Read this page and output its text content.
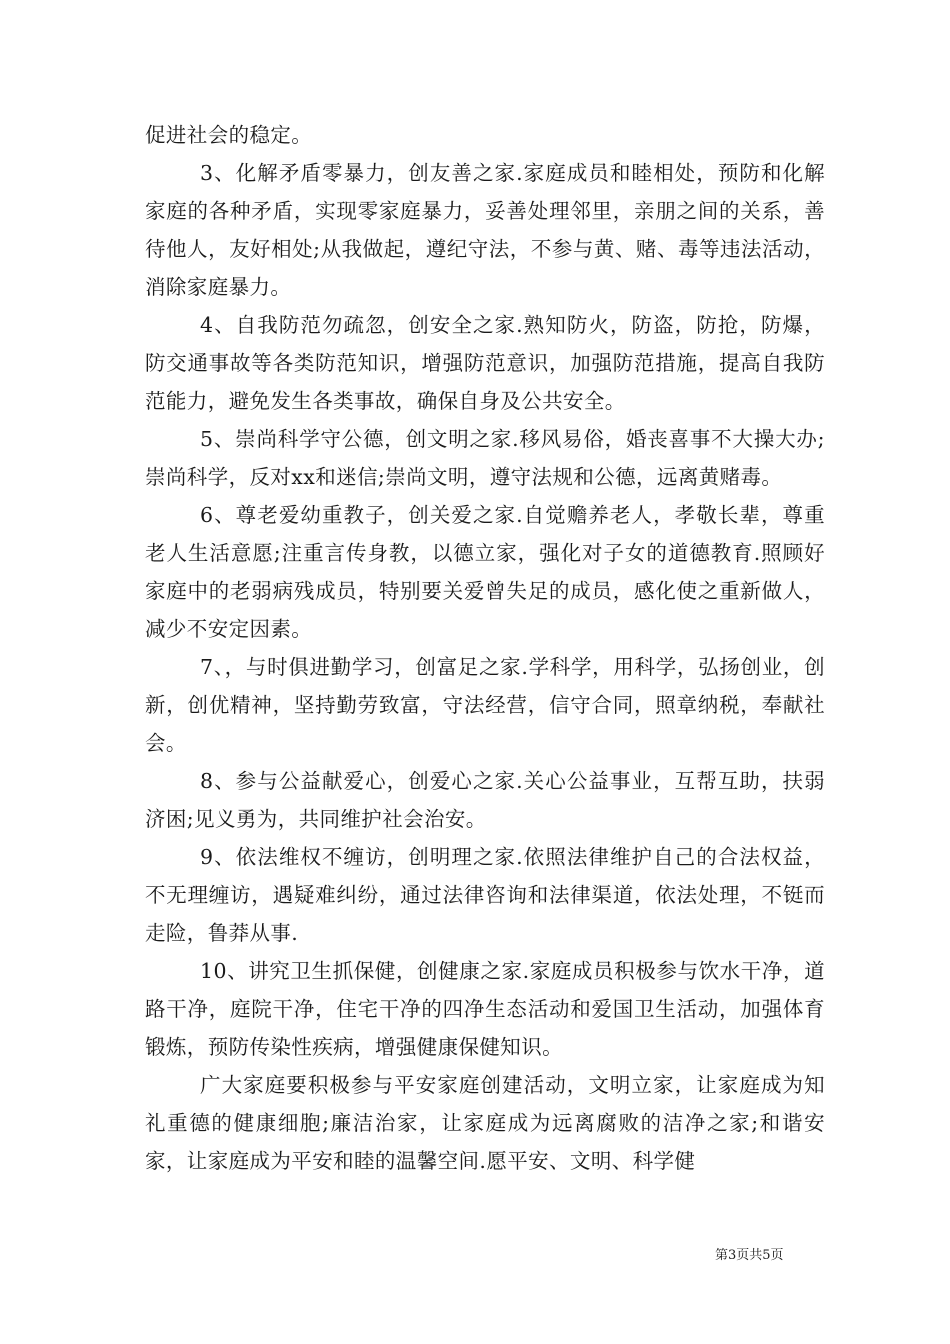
促进社会的稳定。

3、化解矛盾零暴力，创友善之家.家庭成员和睦相处，预防和化解家庭的各种矛盾，实现零家庭暴力，妥善处理邻里，亲朋之间的关系，善待他人，友好相处;从我做起，遵纪守法，不参与黄、赌、毒等违法活动，消除家庭暴力。

4、自我防范勿疏忽，创安全之家.熟知防火，防盗，防抢，防爆，防交通事故等各类防范知识，增强防范意识，加强防范措施，提高自我防范能力，避免发生各类事故，确保自身及公共安全。

5、崇尚科学守公德，创文明之家.移风易俗，婚丧喜事不大操大办;崇尚科学，反对xx和迷信;崇尚文明，遵守法规和公德，远离黄赌毒。

6、尊老爱幼重教子，创关爱之家.自觉赡养老人，孝敬长辈，尊重老人生活意愿;注重言传身教，以德立家，强化对子女的道德教育.照顾好家庭中的老弱病残成员，特别要关爱曾失足的成员，感化使之重新做人，减少不安定因素。

7、，与时俱进勤学习，创富足之家.学科学，用科学，弘扬创业，创新，创优精神，坚持勤劳致富，守法经营，信守合同，照章纳税，奉献社会。

8、参与公益献爱心，创爱心之家.关心公益事业，互帮互助，扶弱济困;见义勇为，共同维护社会治安。

9、依法维权不缠访，创明理之家.依照法律维护自己的合法权益，不无理缠访，遇疑难纠纷，通过法律咨询和法律渠道，依法处理，不铤而走险，鲁莽从事.

10、讲究卫生抓保健，创健康之家.家庭成员积极参与饮水干净，道路干净，庭院干净，住宅干净的四净生态活动和爱国卫生活动，加强体育锻炼，预防传染性疾病，增强健康保健知识。

广大家庭要积极参与平安家庭创建活动，文明立家，让家庭成为知礼重德的健康细胞;廉洁治家，让家庭成为远离腐败的洁净之家;和谐安家，让家庭成为平安和睦的温馨空间.愿平安、文明、科学健

第3页共5页
